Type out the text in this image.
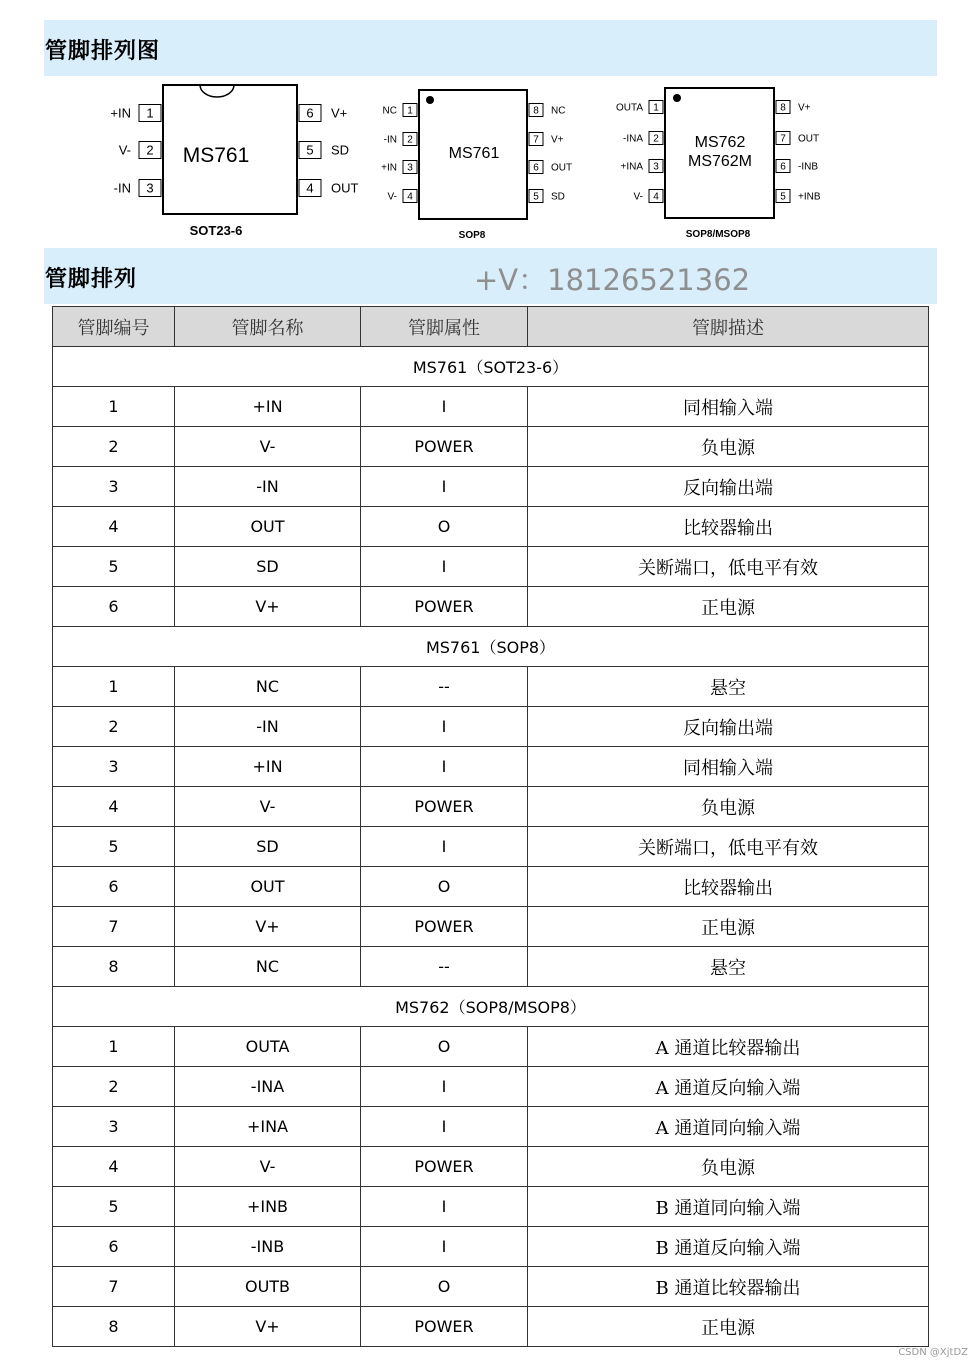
管脚排列图
MS761
SOT23-6
1
+IN
2
V-
3
-IN
6 V+
5 SD
4 OUT
MS761
SOP8
1
NC
2
-IN
3
+IN
4
V-
8 NC
7 V+
6 OUT
5 SD
MS762
MS762M
SOP8/MSOP8
1
OUTA
2
-INA
3
+INA
4
V-
8 V+
7 OUT
6 -INB
5 +INB
管脚排列	+V：18126521362
管脚编号	管脚名称	管脚属性	管脚描述
MS761（SOT23-6）			
1	+IN	I	同相输入端
2	V-	POWER	负电源
3	-IN	I	反向输出端
4	OUT	O	比较器输出
5	SD	I	关断端口，低电平有效
6	V+	POWER	正电源
MS761（SOP8）			
1	NC	--	悬空
2	-IN	I	反向输出端
3	+IN	I	同相输入端
4	V-	POWER	负电源
5	SD	I	关断端口，低电平有效
6	OUT	O	比较器输出
7	V+	POWER	正电源
8	NC	--	悬空
MS762（SOP8/MSOP8）			
1	OUTA	O	A 通道比较器输出
2	-INA	I	A 通道反向输入端
3	+INA	I	A 通道同向输入端
4	V-	POWER	负电源
5	+INB	I	B 通道同向输入端
6	-INB	I	B 通道反向输入端
7	OUTB	O	B 通道比较器输出
8	V+	POWER	正电源
CSDN @XjtDZ
